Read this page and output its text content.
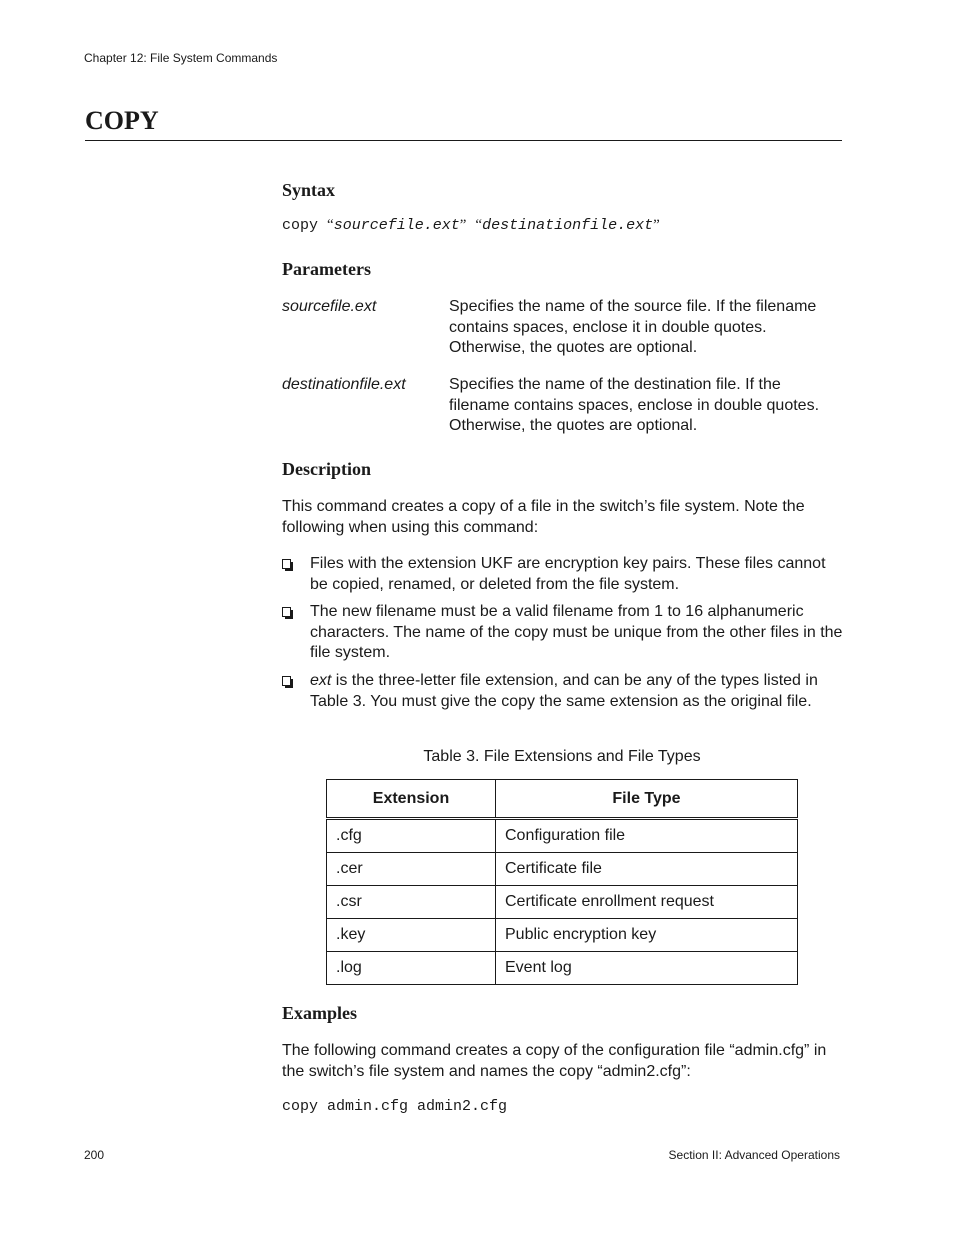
Chapter 12: File System Commands
COPY
Syntax
copy “sourcefile.ext” “destinationfile.ext”
Parameters
sourcefile.ext	Specifies the name of the source file. If the filename contains spaces, enclose it in double quotes. Otherwise, the quotes are optional.
destinationfile.ext	Specifies the name of the destination file. If the filename contains spaces, enclose in double quotes. Otherwise, the quotes are optional.
Description
This command creates a copy of a file in the switch’s file system. Note the following when using this command:
Files with the extension UKF are encryption key pairs. These files cannot be copied, renamed, or deleted from the file system.
The new filename must be a valid filename from 1 to 16 alphanumeric characters. The name of the copy must be unique from the other files in the file system.
ext is the three-letter file extension, and can be any of the types listed in Table 3. You must give the copy the same extension as the original file.
Table 3. File Extensions and File Types
Extension	File Type
.cfg	Configuration file
.cer	Certificate file
.csr	Certificate enrollment request
.key	Public encryption key
.log	Event log
Examples
The following command creates a copy of the configuration file “admin.cfg” in the switch’s file system and names the copy “admin2.cfg”:
copy admin.cfg admin2.cfg
200	Section II: Advanced Operations
